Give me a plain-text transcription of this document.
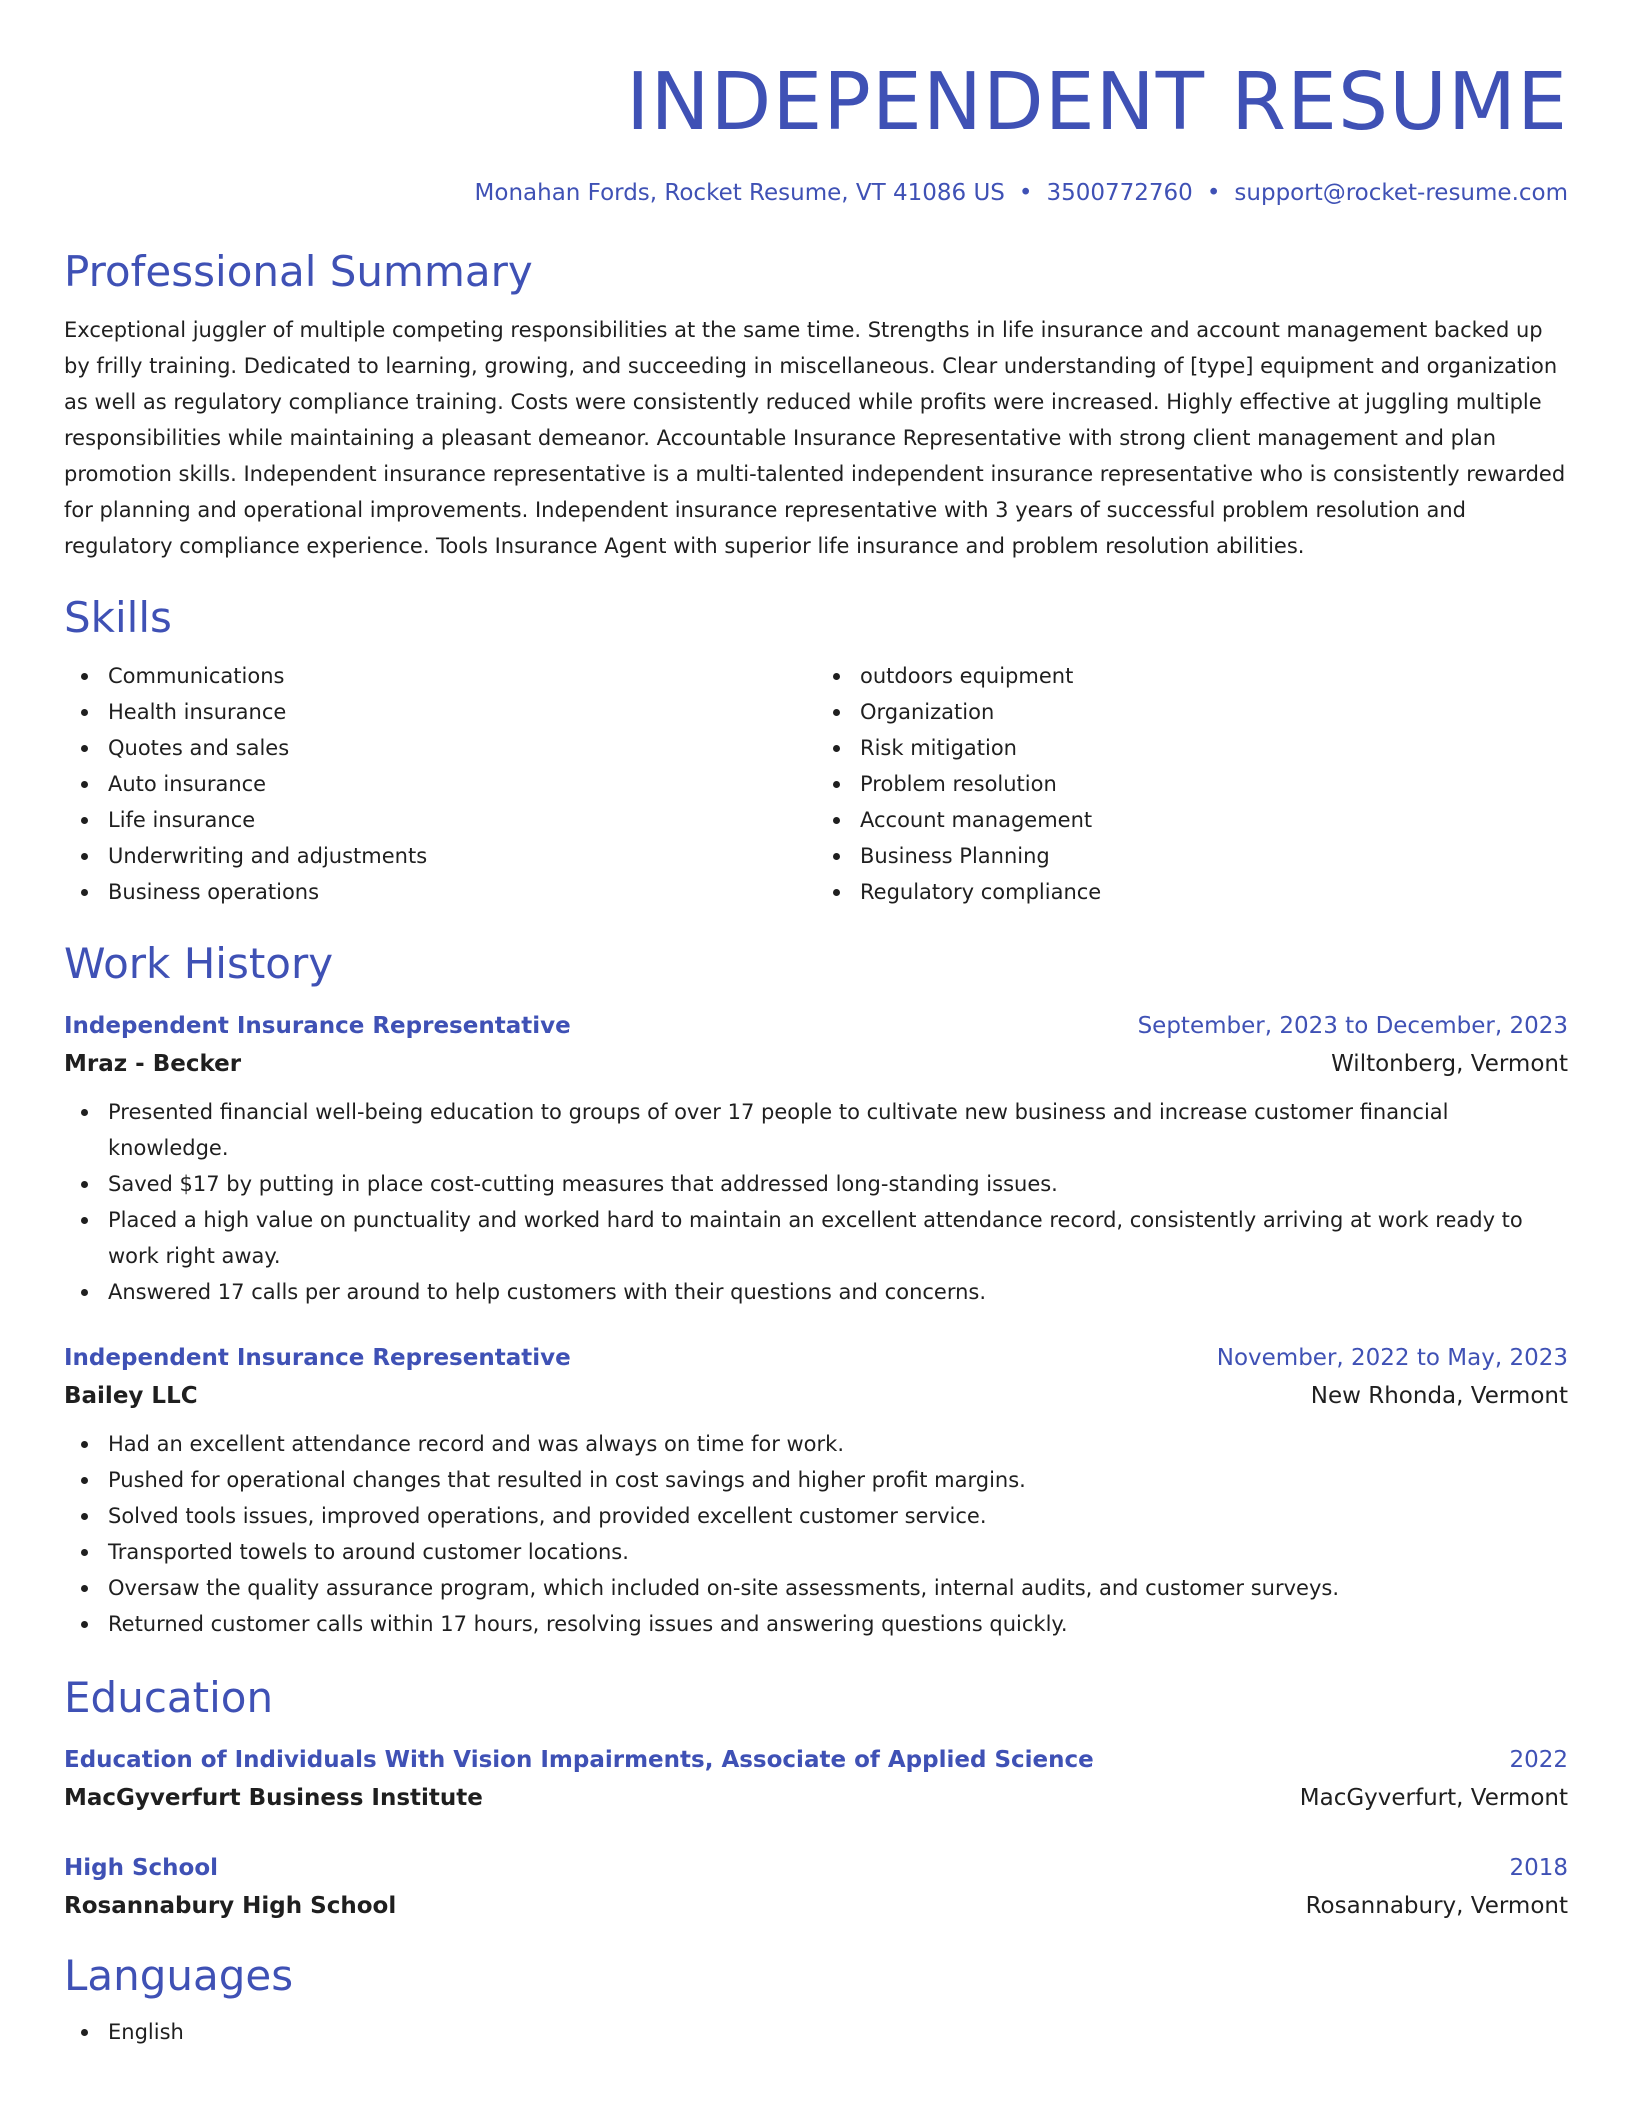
INDEPENDENT RESUME
Monahan Fords, Rocket Resume, VT 41086 US • 3500772760 • support@rocket-resume.com
Professional Summary

Exceptional juggler of multiple competing responsibilities at the same time. Strengths in life insurance and account management backed up by frilly training. Dedicated to learning, growing, and succeeding in miscellaneous. Clear understanding of [type] equipment and organization as well as regulatory compliance training. Costs were consistently reduced while profits were increased. Highly effective at juggling multiple responsibilities while maintaining a pleasant demeanor. Accountable Insurance Representative with strong client management and plan promotion skills. Independent insurance representative is a multi-talented independent insurance representative who is consistently rewarded for planning and operational improvements. Independent insurance representative with 3 years of successful problem resolution and regulatory compliance experience. Tools Insurance Agent with superior life insurance and problem resolution abilities.

Skills
Communications
Health insurance
Quotes and sales
Auto insurance
Life insurance
Underwriting and adjustments
Business operations
outdoors equipment
Organization
Risk mitigation
Problem resolution
Account management
Business Planning
Regulatory compliance
Work History
Independent Insurance Representative	September, 2023 to December, 2023
Mraz - Becker	Wiltonberg, Vermont
Presented financial well-being education to groups of over 17 people to cultivate new business and increase customer financial knowledge.
Saved $17 by putting in place cost-cutting measures that addressed long-standing issues.
Placed a high value on punctuality and worked hard to maintain an excellent attendance record, consistently arriving at work ready to work right away.
Answered 17 calls per around to help customers with their questions and concerns.
Independent Insurance Representative	November, 2022 to May, 2023
Bailey LLC	New Rhonda, Vermont
Had an excellent attendance record and was always on time for work.
Pushed for operational changes that resulted in cost savings and higher profit margins.
Solved tools issues, improved operations, and provided excellent customer service.
Transported towels to around customer locations.
Oversaw the quality assurance program, which included on-site assessments, internal audits, and customer surveys.
Returned customer calls within 17 hours, resolving issues and answering questions quickly.
Education
Education of Individuals With Vision Impairments, Associate of Applied Science	2022
MacGyverfurt Business Institute	MacGyverfurt, Vermont
High School	2018
Rosannabury High School	Rosannabury, Vermont
Languages
English
